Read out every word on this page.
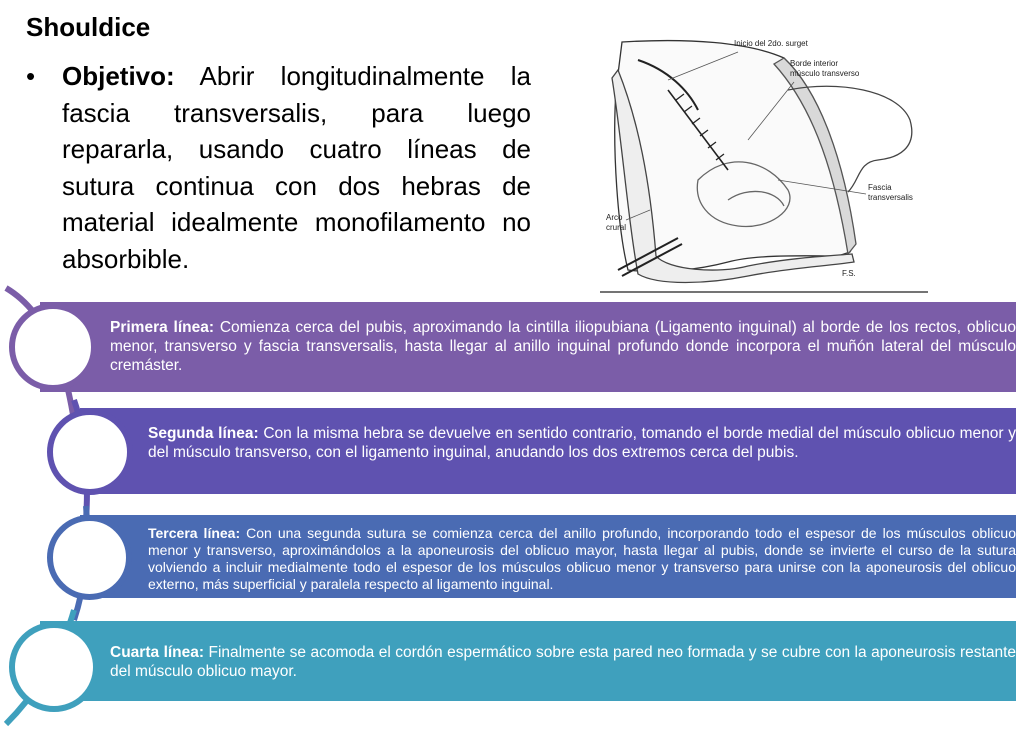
Shouldice
• Objetivo: Abrir longitudinalmente la fascia transversalis, para luego repararla, usando cuatro líneas de sutura continua con dos hebras de material idealmente monofilamento no absorbible.
Inicio del 2do. surget
Borde interior
músculo transverso
Fascia
transversalis
Arco
crural
F.S.
Primera línea: Comienza cerca del pubis, aproximando la cintilla iliopubiana (Ligamento inguinal) al borde de los rectos, oblicuo menor, transverso y fascia transversalis, hasta llegar al anillo inguinal profundo donde incorpora el muñón lateral del músculo cremáster.
Segunda línea: Con la misma hebra se devuelve en sentido contrario, tomando el borde medial del músculo oblicuo menor y del músculo transverso, con el ligamento inguinal, anudando los dos extremos cerca del pubis.
Tercera línea: Con una segunda sutura se comienza cerca del anillo profundo, incorporando todo el espesor de los músculos oblicuo menor y transverso, aproximándolos a la aponeurosis del oblicuo mayor, hasta llegar al pubis, donde se invierte el curso de la sutura volviendo a incluir medialmente todo el espesor de los músculos oblicuo menor y transverso para unirse con la aponeurosis del oblicuo externo, más superficial y paralela respecto al ligamento inguinal.
Cuarta línea: Finalmente se acomoda el cordón espermático sobre esta pared neo formada y se cubre con la aponeurosis restante del músculo oblicuo mayor.
